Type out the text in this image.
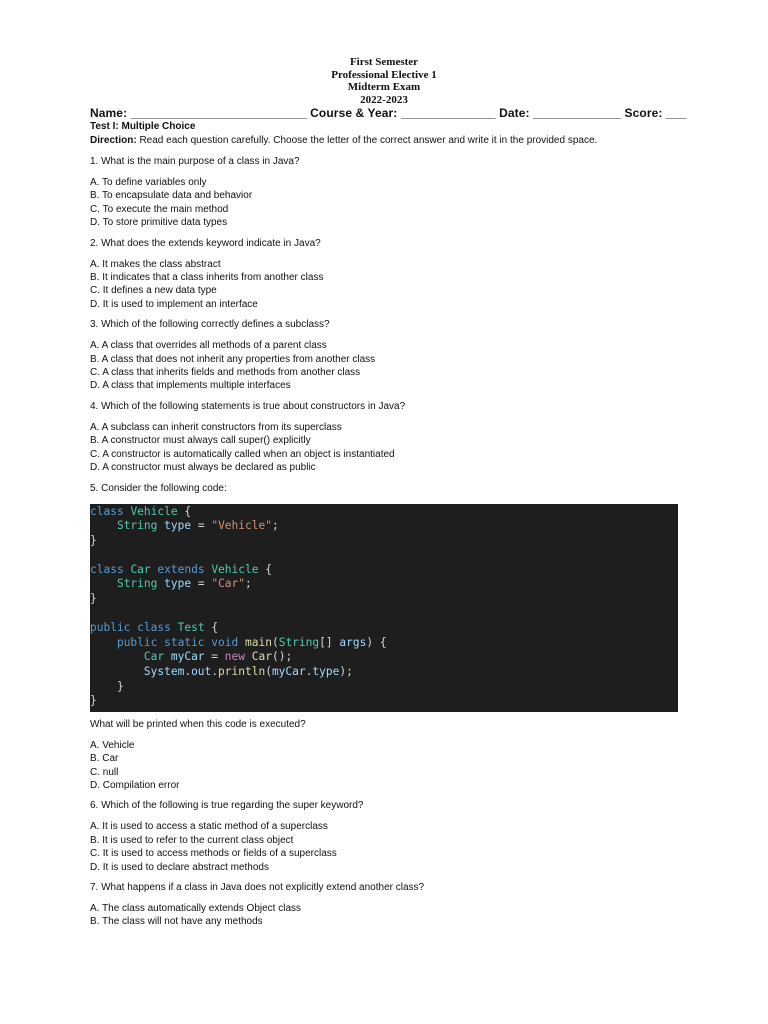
First Semester
Professional Elective 1
Midterm Exam
2022-2023
Name: __________________________ Course & Year: ______________ Date: _____________ Score: ___
Test I: Multiple Choice
Direction: Read each question carefully. Choose the letter of the correct answer and write it in the provided space.
1. What is the main purpose of a class in Java?
A. To define variables only
B. To encapsulate data and behavior
C. To execute the main method
D. To store primitive data types
2. What does the extends keyword indicate in Java?
A. It makes the class abstract
B. It indicates that a class inherits from another class
C. It defines a new data type
D. It is used to implement an interface
3. Which of the following correctly defines a subclass?
A. A class that overrides all methods of a parent class
B. A class that does not inherit any properties from another class
C. A class that inherits fields and methods from another class
D. A class that implements multiple interfaces
4. Which of the following statements is true about constructors in Java?
A. A subclass can inherit constructors from its superclass
B. A constructor must always call super() explicitly
C. A constructor is automatically called when an object is instantiated
D. A constructor must always be declared as public
5. Consider the following code:
class Vehicle {
String type = "Vehicle";
}

class Car extends Vehicle {
String type = "Car";
}

public class Test {
public static void main(String[] args) {
Car myCar = new Car();
System.out.println(myCar.type);
}
}
What will be printed when this code is executed?
A. Vehicle
B. Car
C. null
D. Compilation error
6. Which of the following is true regarding the super keyword?
A. It is used to access a static method of a superclass
B. It is used to refer to the current class object
C. It is used to access methods or fields of a superclass
D. It is used to declare abstract methods
7. What happens if a class in Java does not explicitly extend another class?
A. The class automatically extends Object class
B. The class will not have any methods
